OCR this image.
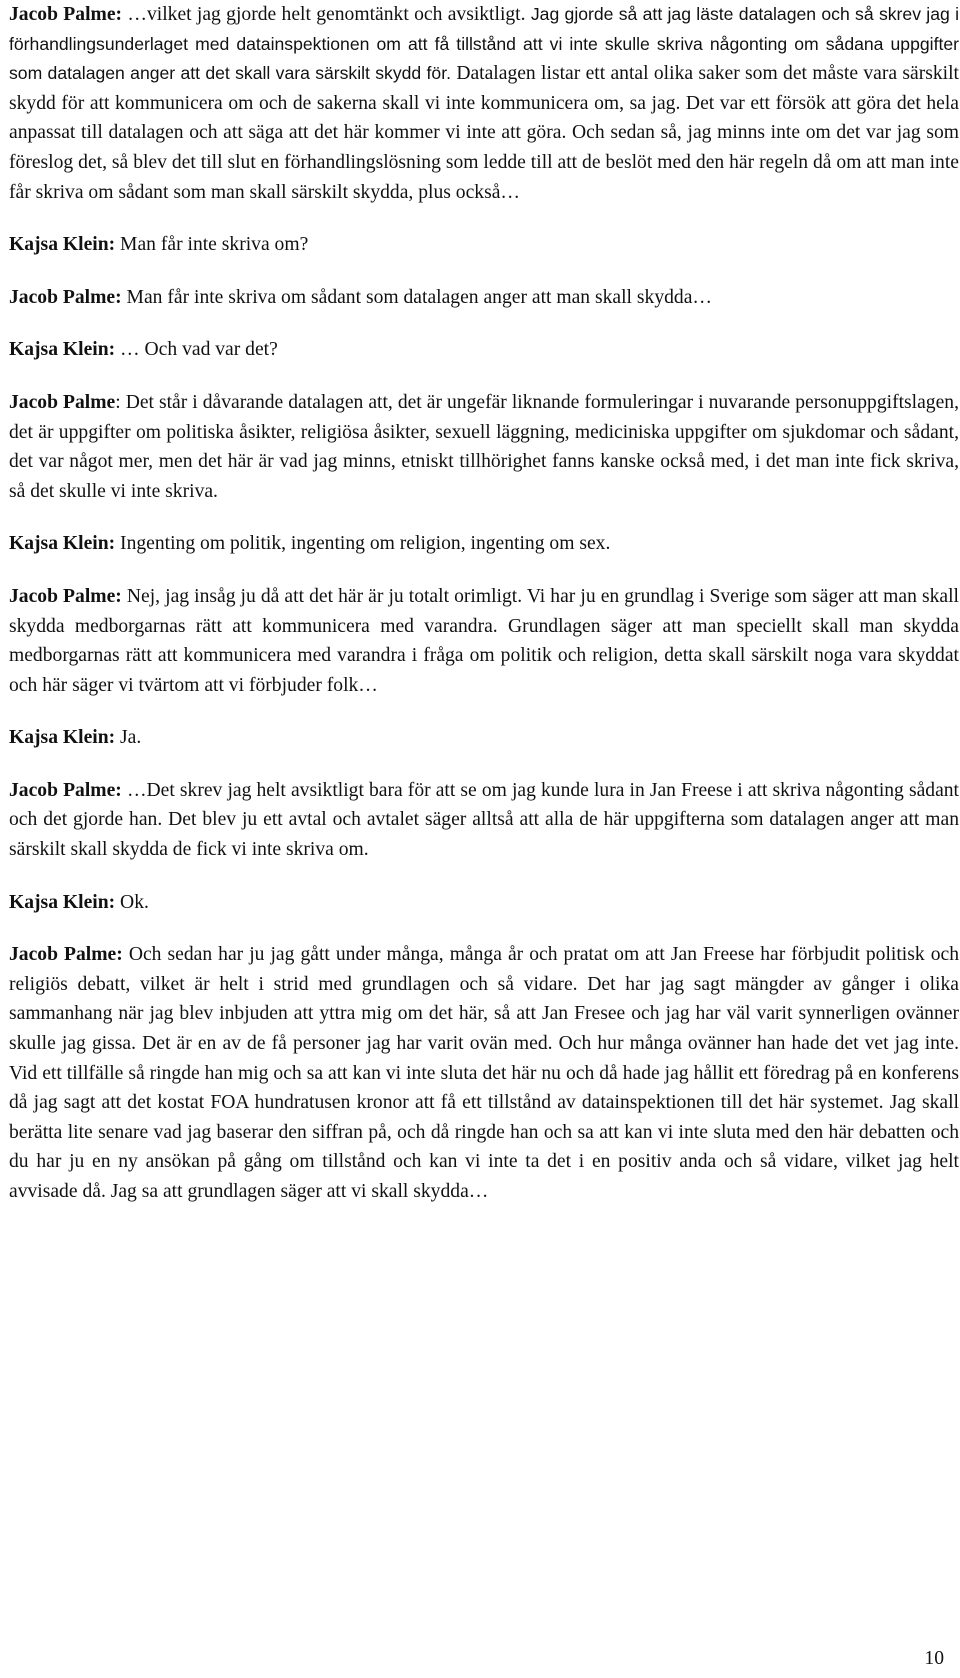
Jacob Palme: …vilket jag gjorde helt genomtänkt och avsiktligt. Jag gjorde så att jag läste datalagen och så skrev jag i förhandlingsunderlaget med datainspektionen om att få tillstånd att vi inte skulle skriva någonting om sådana uppgifter som datalagen anger att det skall vara särskilt skydd för. Datalagen listar ett antal olika saker som det måste vara särskilt skydd för att kommunicera om och de sakerna skall vi inte kommunicera om, sa jag. Det var ett försök att göra det hela anpassat till datalagen och att säga att det här kommer vi inte att göra. Och sedan så, jag minns inte om det var jag som föreslog det, så blev det till slut en förhandlingslösning som ledde till att de beslöt med den här regeln då om att man inte får skriva om sådant som man skall särskilt skydda, plus också…

Kajsa Klein: Man får inte skriva om?

Jacob Palme: Man får inte skriva om sådant som datalagen anger att man skall skydda…

Kajsa Klein: … Och vad var det?

Jacob Palme: Det står i dåvarande datalagen att, det är ungefär liknande formuleringar i nuvarande personuppgiftslagen, det är uppgifter om politiska åsikter, religiösa åsikter, sexuell läggning, mediciniska uppgifter om sjukdomar och sådant, det var något mer, men det här är vad jag minns, etniskt tillhörighet fanns kanske också med, i det man inte fick skriva, så det skulle vi inte skriva.

Kajsa Klein: Ingenting om politik, ingenting om religion, ingenting om sex.

Jacob Palme: Nej, jag insåg ju då att det här är ju totalt orimligt. Vi har ju en grundlag i Sverige som säger att man skall skydda medborgarnas rätt att kommunicera med varandra. Grundlagen säger att man speciellt skall man skydda medborgarnas rätt att kommunicera med varandra i fråga om politik och religion, detta skall särskilt noga vara skyddat och här säger vi tvärtom att vi förbjuder folk…

Kajsa Klein: Ja.

Jacob Palme: …Det skrev jag helt avsiktligt bara för att se om jag kunde lura in Jan Freese i att skriva någonting sådant och det gjorde han. Det blev ju ett avtal och avtalet säger alltså att alla de här uppgifterna som datalagen anger att man särskilt skall skydda de fick vi inte skriva om.

Kajsa Klein: Ok.

Jacob Palme: Och sedan har ju jag gått under många, många år och pratat om att Jan Freese har förbjudit politisk och religiös debatt, vilket är helt i strid med grundlagen och så vidare. Det har jag sagt mängder av gånger i olika sammanhang när jag blev inbjuden att yttra mig om det här, så att Jan Fresee och jag har väl varit synnerligen ovänner skulle jag gissa. Det är en av de få personer jag har varit ovän med. Och hur många ovänner han hade det vet jag inte. Vid ett tillfälle så ringde han mig och sa att kan vi inte sluta det här nu och då hade jag hållit ett föredrag på en konferens då jag sagt att det kostat FOA hundratusen kronor att få ett tillstånd av datainspektionen till det här systemet. Jag skall berätta lite senare vad jag baserar den siffran på, och då ringde han och sa att kan vi inte sluta med den här debatten och du har ju en ny ansökan på gång om tillstånd och kan vi inte ta det i en positiv anda och så vidare, vilket jag helt avvisade då. Jag sa att grundlagen säger att vi skall skydda…

10
